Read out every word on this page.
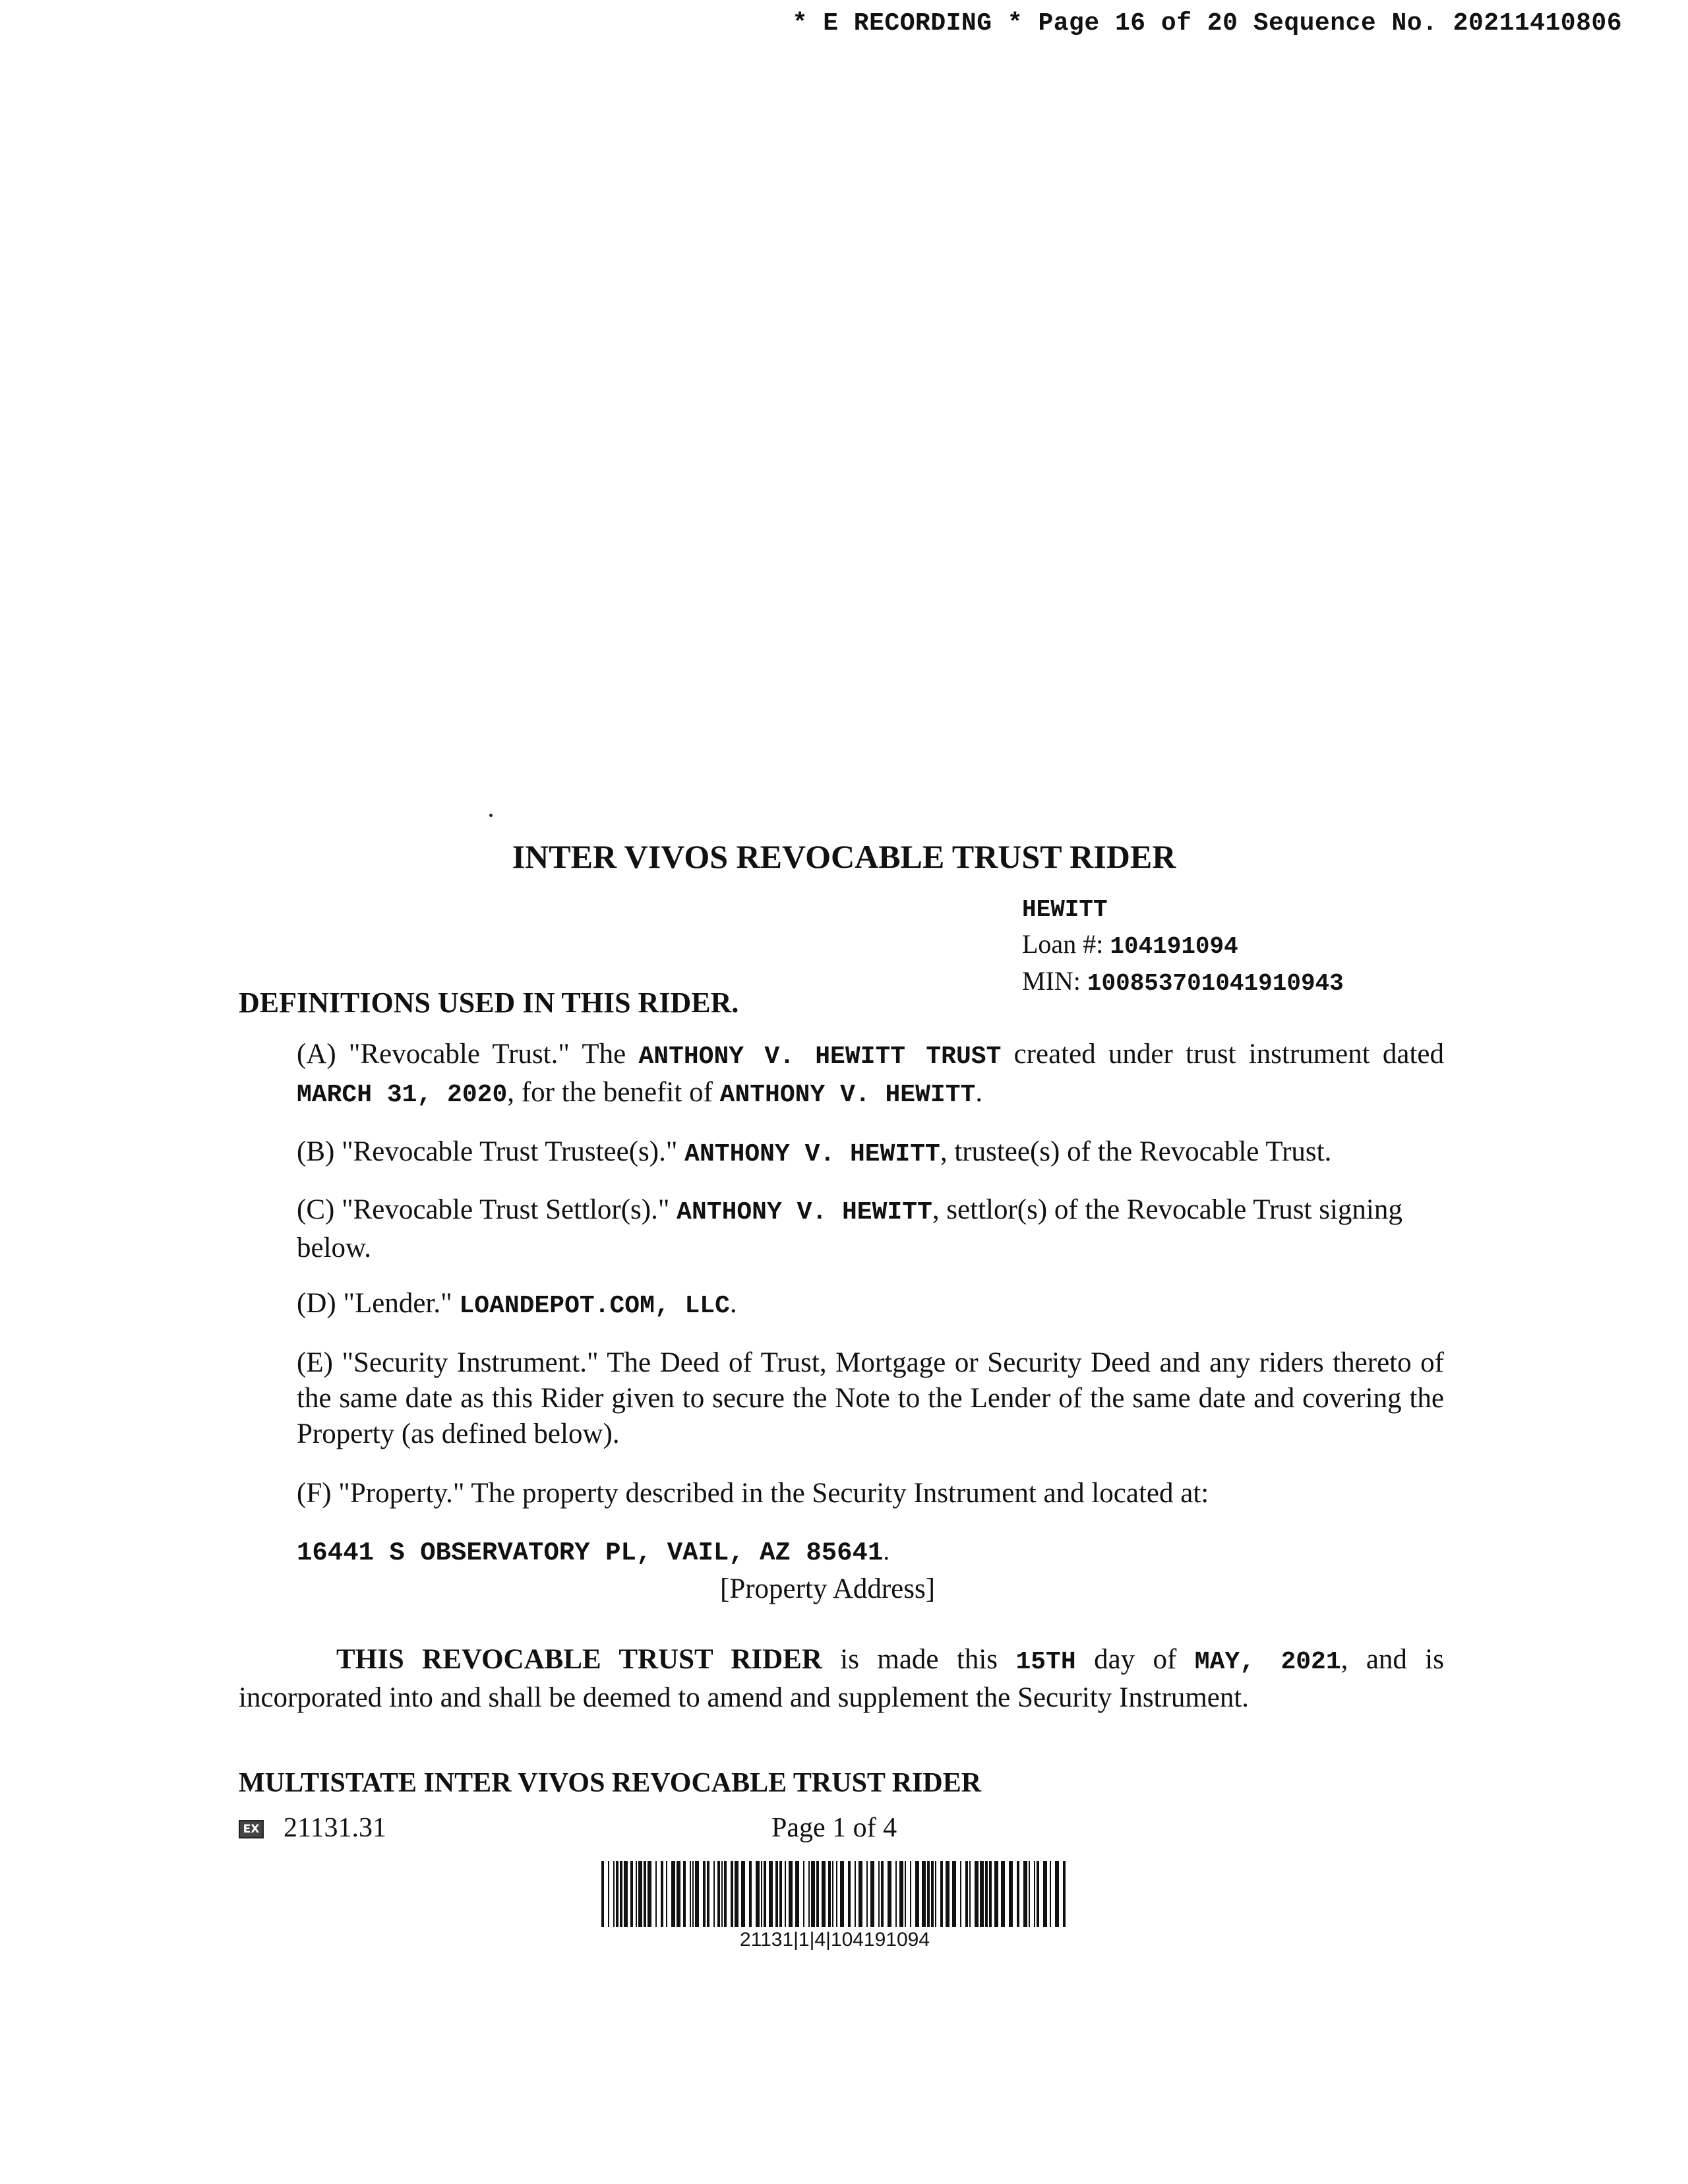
* E RECORDING * Page 16 of 20 Sequence No. 20211410806
INTER VIVOS REVOCABLE TRUST RIDER
HEWITT
Loan #: 104191094
MIN: 100853701041910943
DEFINITIONS USED IN THIS RIDER.
(A) "Revocable Trust." The ANTHONY V. HEWITT TRUST created under trust instrument dated MARCH 31, 2020, for the benefit of ANTHONY V. HEWITT.
(B) "Revocable Trust Trustee(s)." ANTHONY V. HEWITT, trustee(s) of the Revocable Trust.
(C) "Revocable Trust Settlor(s)." ANTHONY V. HEWITT, settlor(s) of the Revocable Trust signing below.
(D) "Lender." LOANDEPOT.COM, LLC.
(E) "Security Instrument." The Deed of Trust, Mortgage or Security Deed and any riders thereto of the same date as this Rider given to secure the Note to the Lender of the same date and covering the Property (as defined below).
(F) "Property." The property described in the Security Instrument and located at:
16441 S OBSERVATORY PL, VAIL, AZ 85641.
[Property Address]
THIS REVOCABLE TRUST RIDER is made this 15TH day of MAY, 2021, and is incorporated into and shall be deemed to amend and supplement the Security Instrument.
MULTISTATE INTER VIVOS REVOCABLE TRUST RIDER
EX 21131.31	Page 1 of 4
21131|1|4|104191094
